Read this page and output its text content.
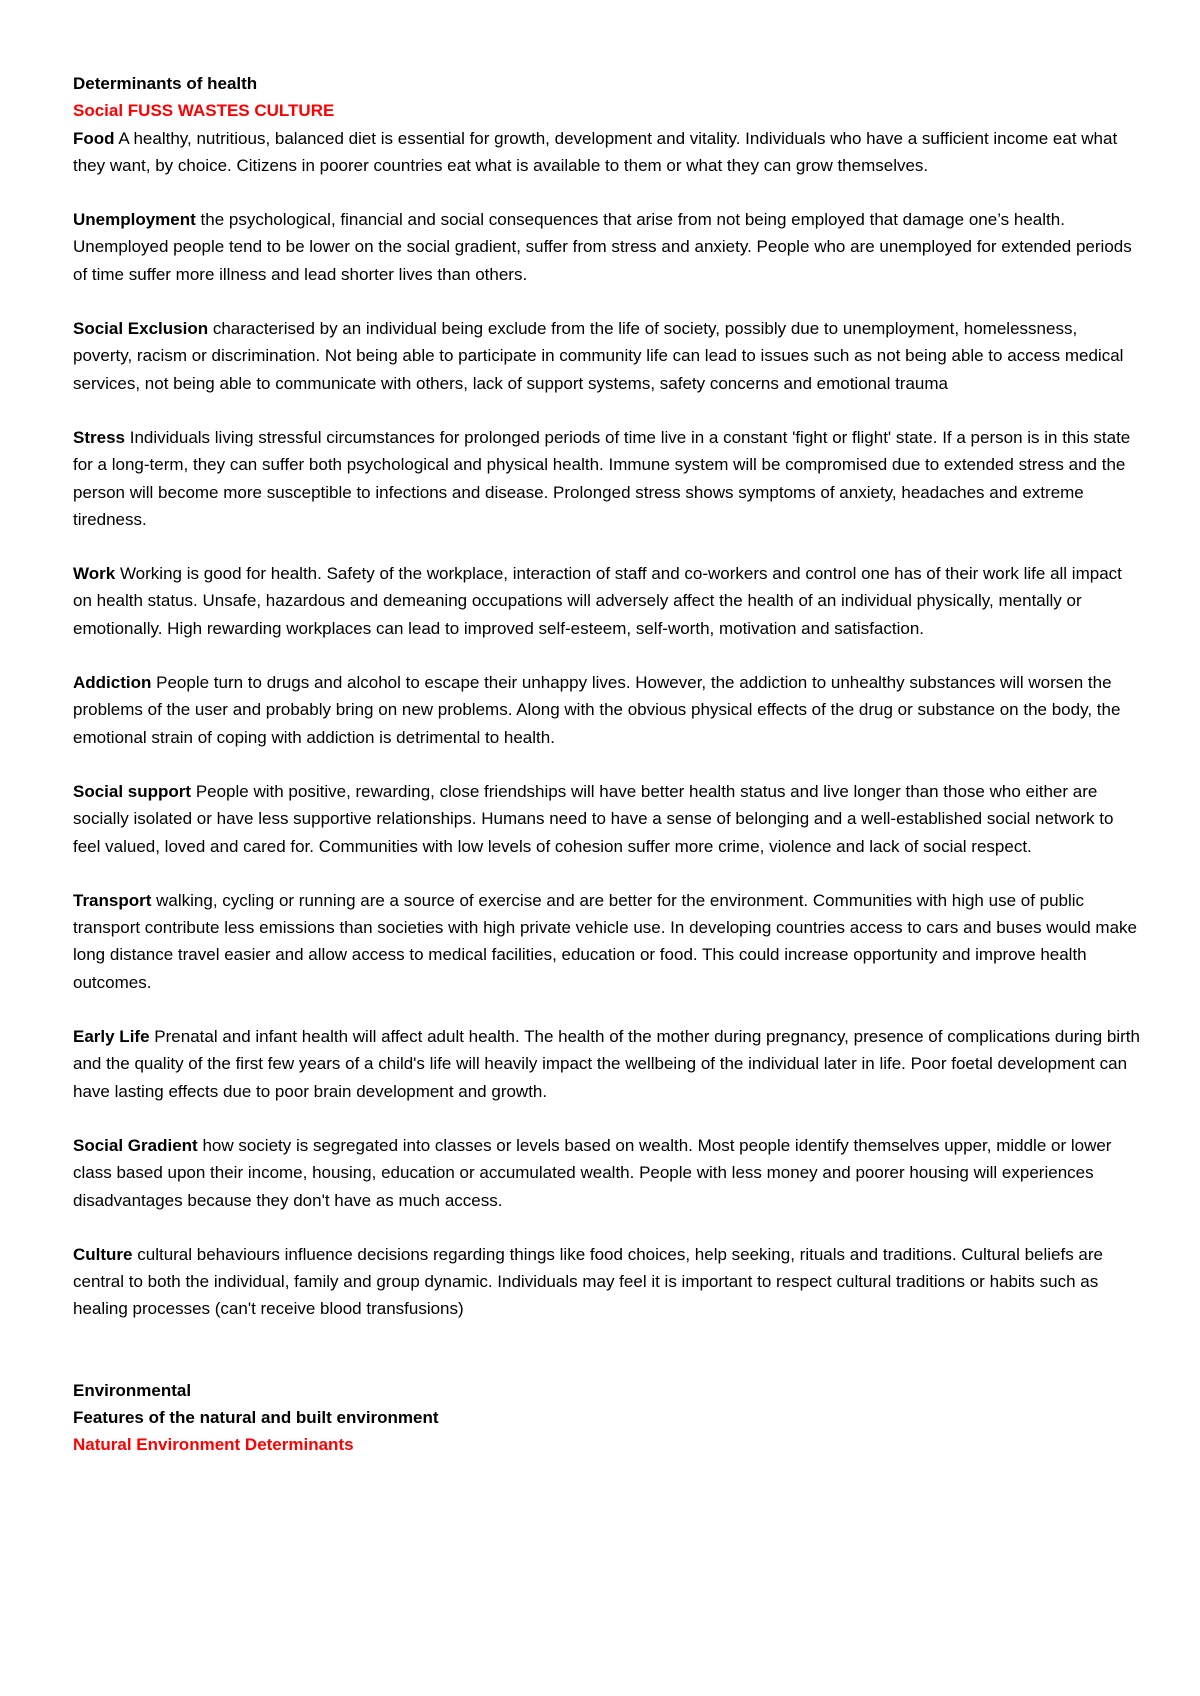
Determinants of health

Social FUSS WASTES CULTURE

Food A healthy, nutritious, balanced diet is essential for growth, development and vitality. Individuals who have a sufficient income eat what they want, by choice. Citizens in poorer countries eat what is available to them or what they can grow themselves.

Unemployment the psychological, financial and social consequences that arise from not being employed that damage one’s health. Unemployed people tend to be lower on the social gradient, suffer from stress and anxiety. People who are unemployed for extended periods of time suffer more illness and lead shorter lives than others.

Social Exclusion characterised by an individual being exclude from the life of society, possibly due to unemployment, homelessness, poverty, racism or discrimination. Not being able to participate in community life can lead to issues such as not being able to access medical services, not being able to communicate with others, lack of support systems, safety concerns and emotional trauma

Stress Individuals living stressful circumstances for prolonged periods of time live in a constant 'fight or flight' state. If a person is in this state for a long-term, they can suffer both psychological and physical health. Immune system will be compromised due to extended stress and the person will become more susceptible to infections and disease. Prolonged stress shows symptoms of anxiety, headaches and extreme tiredness.

Work Working is good for health. Safety of the workplace, interaction of staff and co-workers and control one has of their work life all impact on health status. Unsafe, hazardous and demeaning occupations will adversely affect the health of an individual physically, mentally or emotionally. High rewarding workplaces can lead to improved self-esteem, self-worth, motivation and satisfaction.

Addiction People turn to drugs and alcohol to escape their unhappy lives. However, the addiction to unhealthy substances will worsen the problems of the user and probably bring on new problems. Along with the obvious physical effects of the drug or substance on the body, the emotional strain of coping with addiction is detrimental to health.

Social support People with positive, rewarding, close friendships will have better health status and live longer than those who either are socially isolated or have less supportive relationships. Humans need to have a sense of belonging and a well-established social network to feel valued, loved and cared for. Communities with low levels of cohesion suffer more crime, violence and lack of social respect.

Transport walking, cycling or running are a source of exercise and are better for the environment. Communities with high use of public transport contribute less emissions than societies with high private vehicle use. In developing countries access to cars and buses would make long distance travel easier and allow access to medical facilities, education or food. This could increase opportunity and improve health outcomes.

Early Life Prenatal and infant health will affect adult health. The health of the mother during pregnancy, presence of complications during birth and the quality of the first few years of a child's life will heavily impact the wellbeing of the individual later in life. Poor foetal development can have lasting effects due to poor brain development and growth.

Social Gradient how society is segregated into classes or levels based on wealth. Most people identify themselves upper, middle or lower class based upon their income, housing, education or accumulated wealth. People with less money and poorer housing will experiences disadvantages because they don't have as much access.

Culture cultural behaviours influence decisions regarding things like food choices, help seeking, rituals and traditions. Cultural beliefs are central to both the individual, family and group dynamic. Individuals may feel it is important to respect cultural traditions or habits such as healing processes (can't receive blood transfusions)

Environmental

Features of the natural and built environment

Natural Environment Determinants
